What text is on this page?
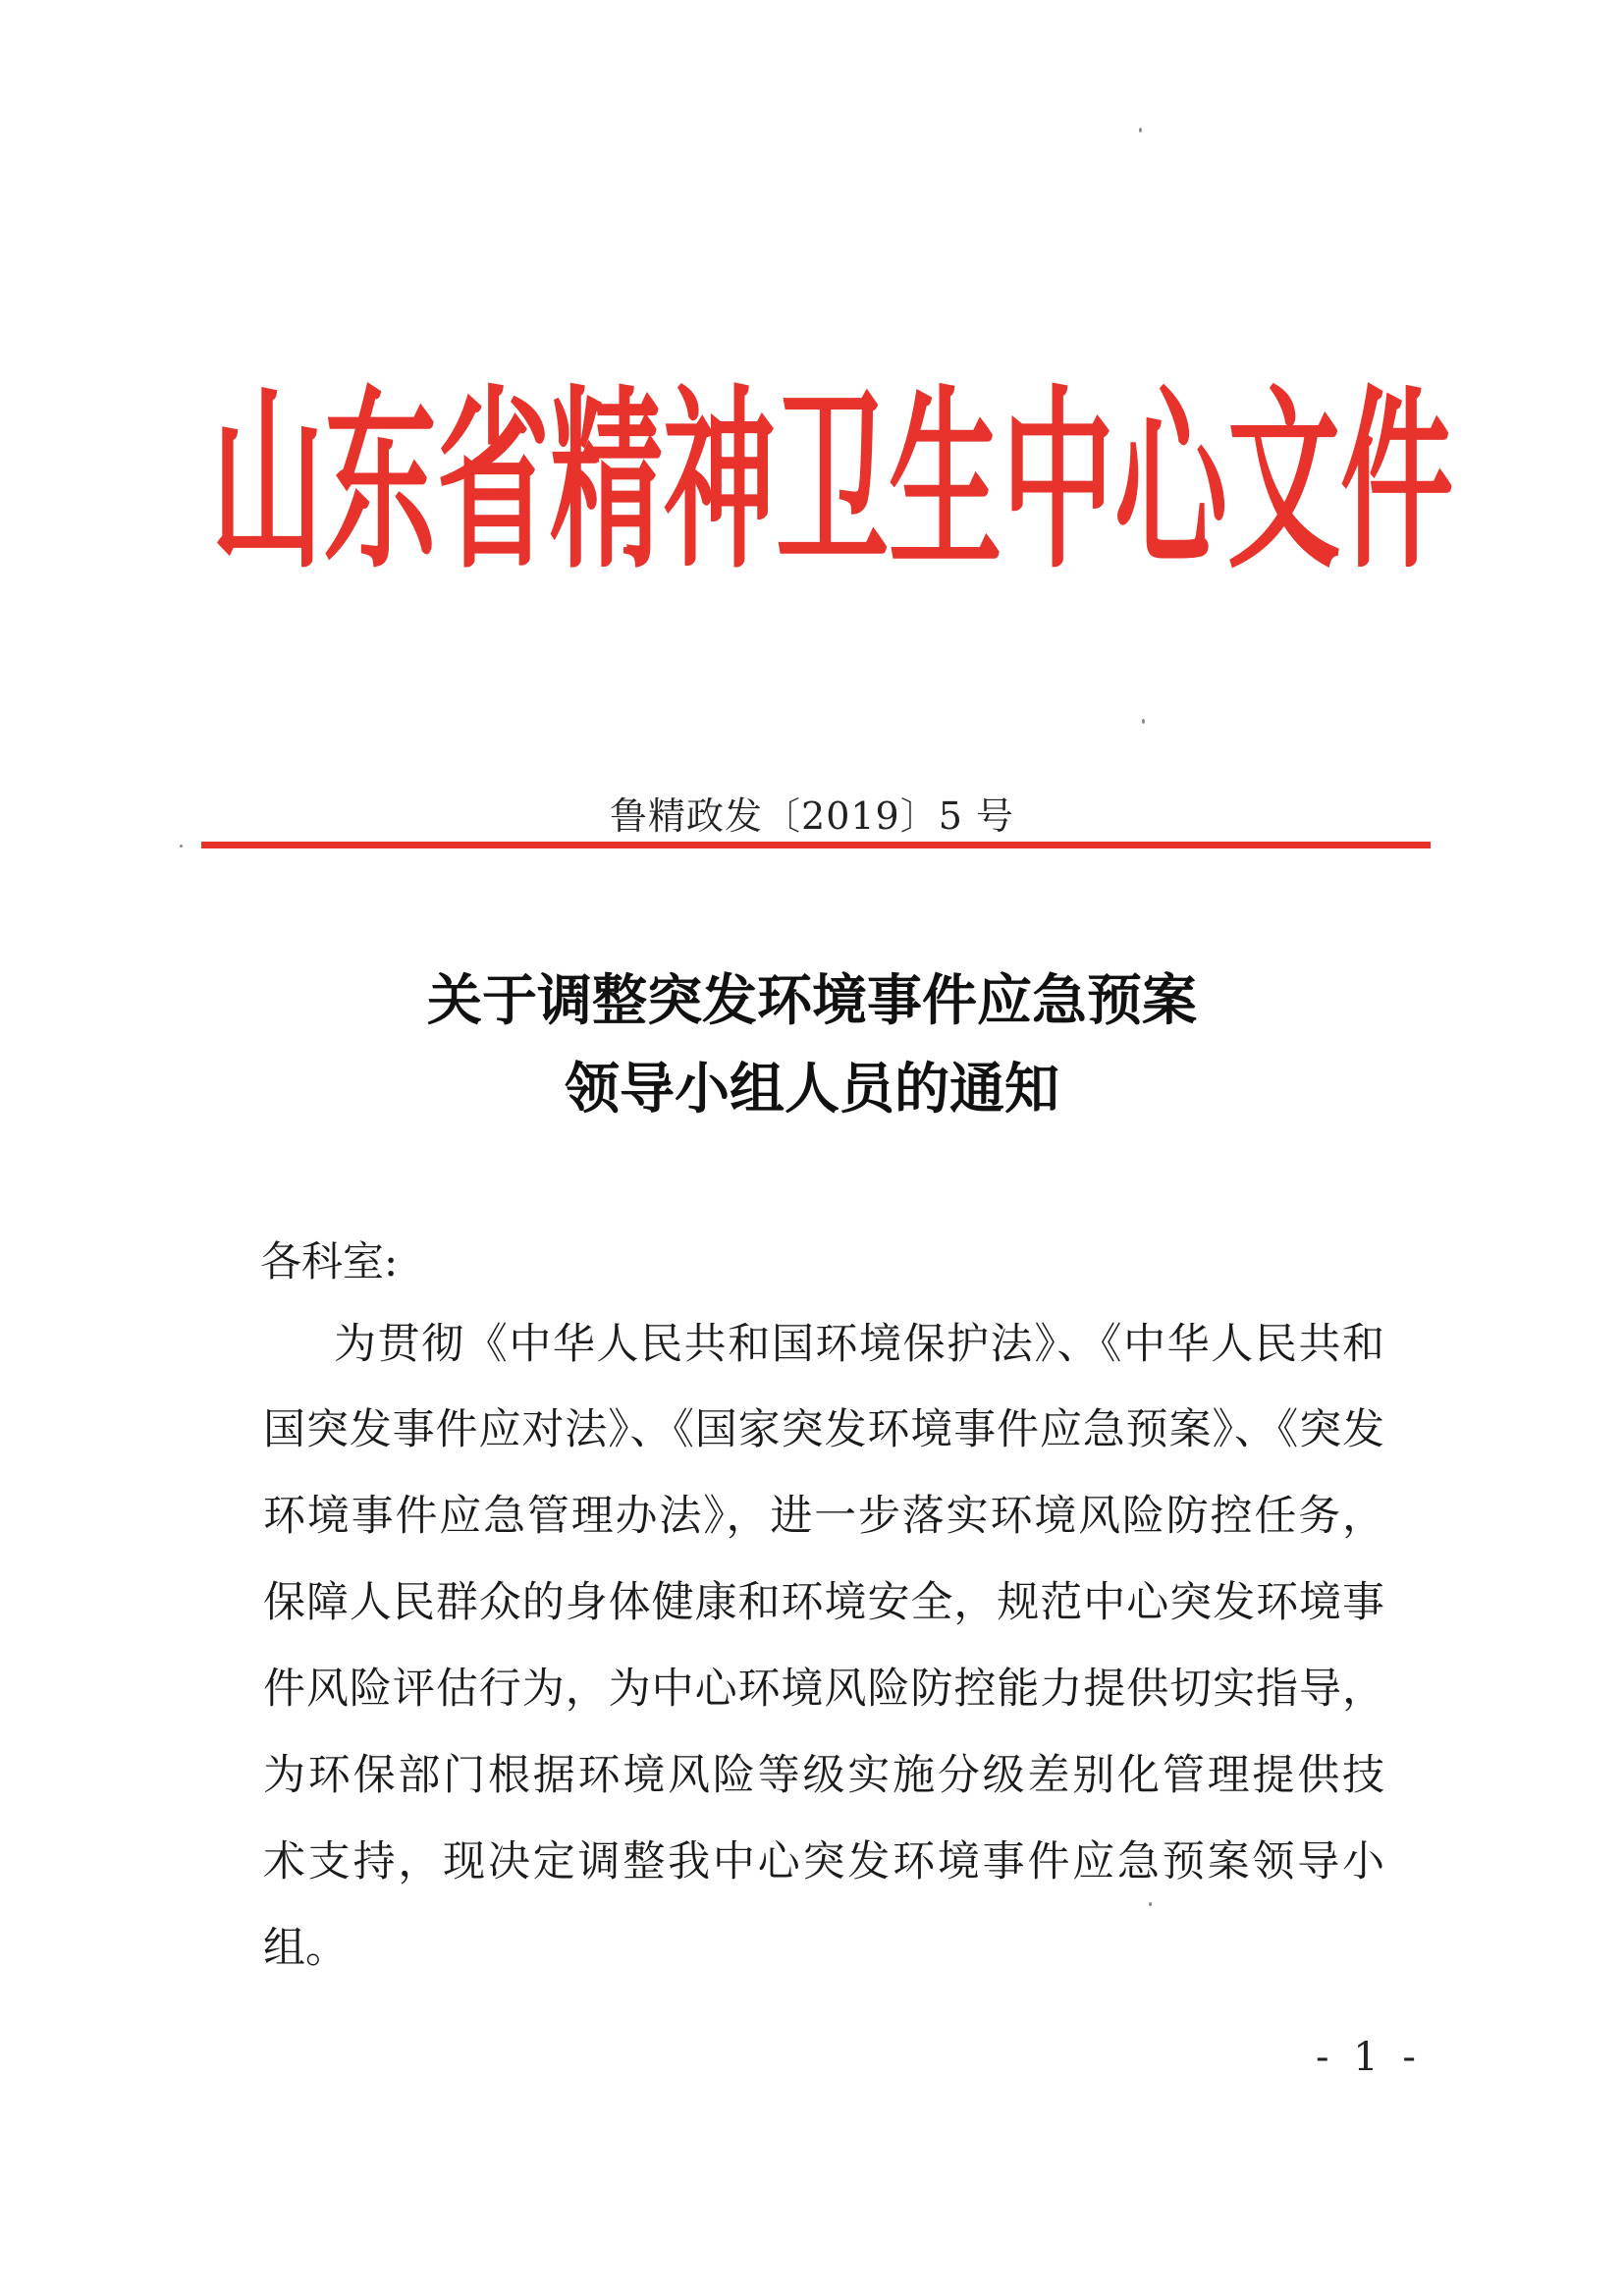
山 东 省 精 神 卫 生 中 心 文 件
鲁精政发〔2019〕5 号
关于调整突发环境事件应急预案
领导小组人员的通知
各科室:
为贯彻《中华人民共和国环境保护法》、《中华人民共和
国突发事件应对法》、《国家突发环境事件应急预案》、《突发
环境事件应急管理办法》，进一步落实环境风险防控任务，
保障人民群众的身体健康和环境安全，规范中心突发环境事
件风险评估行为，为中心环境风险防控能力提供切实指导，
为环保部门根据环境风险等级实施分级差别化管理提供技
术支持，现决定调整我中心突发环境事件应急预案领导小
组。
- 1 -
